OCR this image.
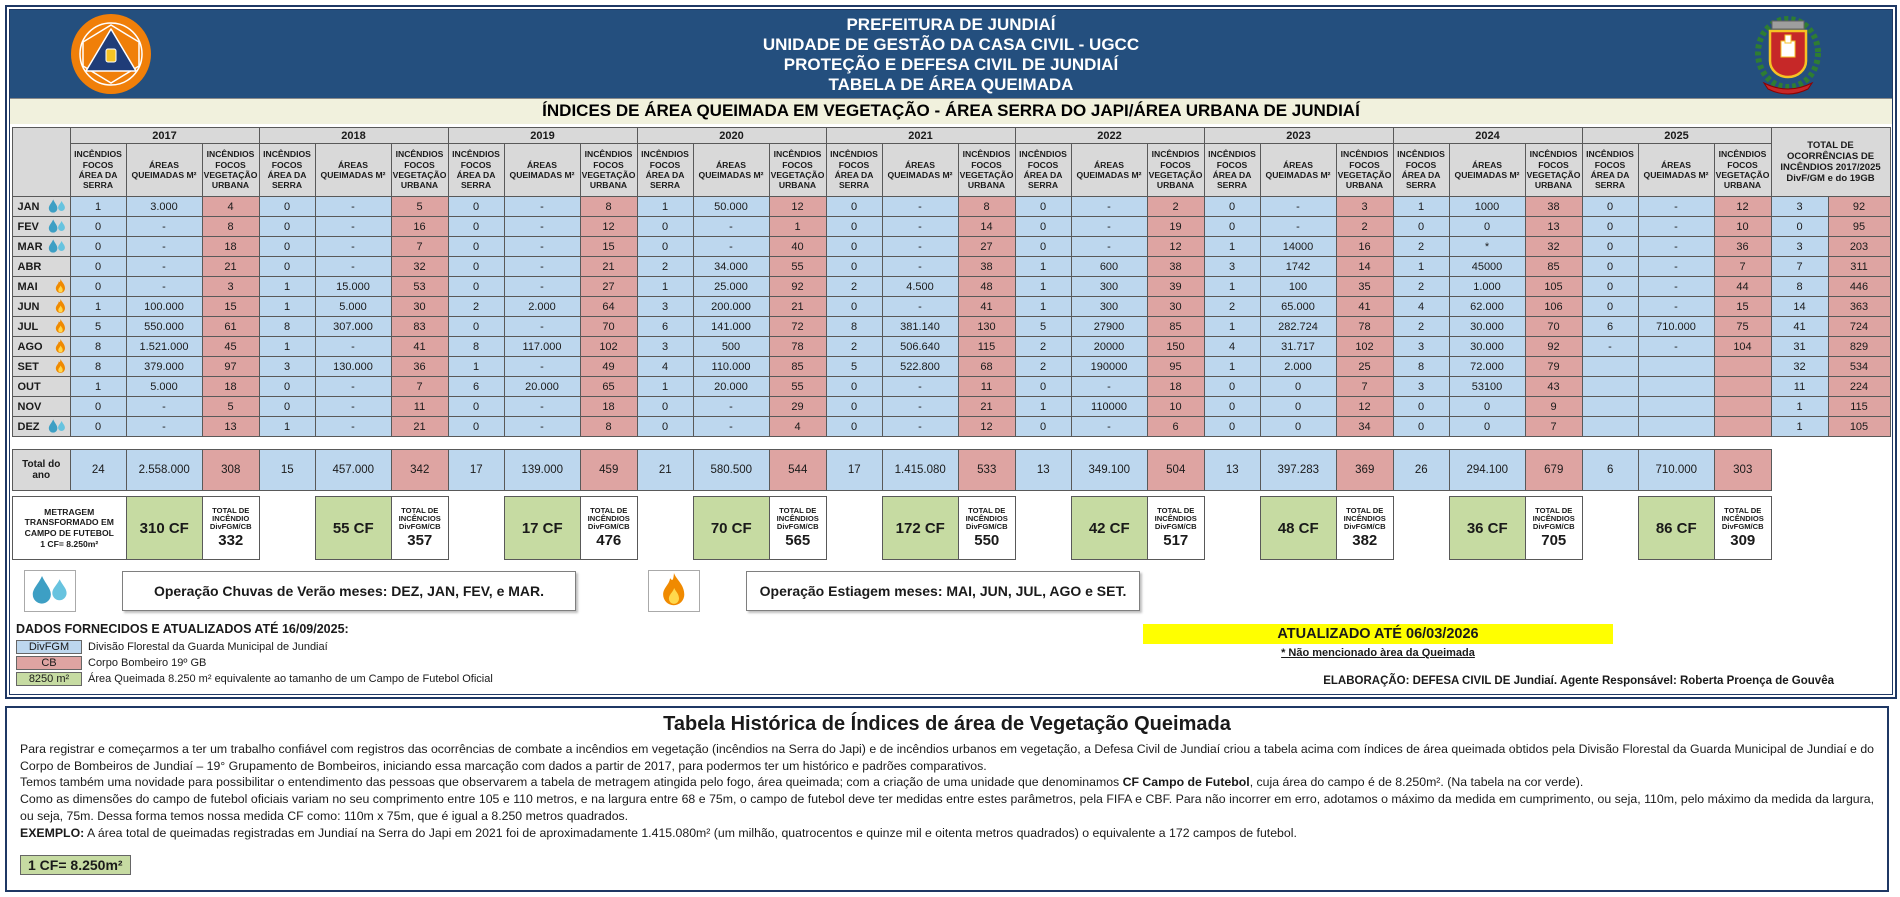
PREFEITURA DE JUNDIAÍ
UNIDADE DE GESTÃO DA CASA CIVIL - UGCC
PROTEÇÃO E DEFESA CIVIL DE JUNDIAÍ
TABELA DE ÁREA QUEIMADA
ÍNDICES DE ÁREA QUEIMADA EM VEGETAÇÃO - ÁREA SERRA DO JAPI/ÁREA URBANA DE JUNDIAÍ
	2017			2018			2019			2020			2021			2022			2023			2024			2025			TOTAL DE OCORRÊNCIAS DE INCÊNDIOS 2017/2025 DivF/GM e do 19GB	
	INCÊNDIOS FOCOS ÁREA DA SERRA	ÁREAS QUEIMADAS M²	INCÊNDIOS FOCOS VEGETAÇÃO URBANA	INCÊNDIOS FOCOS ÁREA DA SERRA	ÁREAS QUEIMADAS M²	INCÊNDIOS FOCOS VEGETAÇÃO URBANA	INCÊNDIOS FOCOS ÁREA DA SERRA	ÁREAS QUEIMADAS M²	INCÊNDIOS FOCOS VEGETAÇÃO URBANA	INCÊNDIOS FOCOS ÁREA DA SERRA	ÁREAS QUEIMADAS M²	INCÊNDIOS FOCOS VEGETAÇÃO URBANA	INCÊNDIOS FOCOS ÁREA DA SERRA	ÁREAS QUEIMADAS M²	INCÊNDIOS FOCOS VEGETAÇÃO URBANA	INCÊNDIOS FOCOS ÁREA DA SERRA	ÁREAS QUEIMADAS M²	INCÊNDIOS FOCOS VEGETAÇÃO URBANA	INCÊNDIOS FOCOS ÁREA DA SERRA	ÁREAS QUEIMADAS M²	INCÊNDIOS FOCOS VEGETAÇÃO URBANA	INCÊNDIOS FOCOS ÁREA DA SERRA	ÁREAS QUEIMADAS M²	INCÊNDIOS FOCOS VEGETAÇÃO URBANA	INCÊNDIOS FOCOS ÁREA DA SERRA	ÁREAS QUEIMADAS M²	INCÊNDIOS FOCOS VEGETAÇÃO URBANA		

JAN	1	3.000	4	0	-	5	0	-	8	1	50.000	12	0	-	8	0	-	2	0	-	3	1	1000	38	0	-	12	3	92

FEV	0	-	8	0	-	16	0	-	12	0	-	1	0	-	14	0	-	19	0	-	2	0	0	13	0	-	10	0	95

MAR	0	-	18	0	-	7	0	-	15	0	-	40	0	-	27	0	-	12	1	14000	16	2	*	32	0	-	36	3	203

ABR	0	-	21	0	-	32	0	-	21	2	34.000	55	0	-	38	1	600	38	3	1742	14	1	45000	85	0	-	7	7	311

MAI	0	-	3	1	15.000	53	0	-	27	1	25.000	92	2	4.500	48	1	300	39	1	100	35	2	1.000	105	0	-	44	8	446

JUN	1	100.000	15	1	5.000	30	2	2.000	64	3	200.000	21	0	-	41	1	300	30	2	65.000	41	4	62.000	106	0	-	15	14	363

JUL	5	550.000	61	8	307.000	83	0	-	70	6	141.000	72	8	381.140	130	5	27900	85	1	282.724	78	2	30.000	70	6	710.000	75	41	724

AGO	8	1.521.000	45	1	-	41	8	117.000	102	3	500	78	2	506.640	115	2	20000	150	4	31.717	102	3	30.000	92	-	-	104	31	829

SET	8	379.000	97	3	130.000	36	1	-	49	4	110.000	85	5	522.800	68	2	190000	95	1	2.000	25	8	72.000	79				32	534

OUT	1	5.000	18	0	-	7	6	20.000	65	1	20.000	55	0	-	11	0	-	18	0	0	7	3	53100	43				11	224

NOV	0	-	5	0	-	11	0	-	18	0	-	29	0	-	21	1	110000	10	0	0	12	0	0	9				1	115

DEZ	0	-	13	1	-	21	0	-	8	0	-	4	0	-	12	0	-	6	0	0	34	0	0	7				1	105
Total do ano	24	2.558.000	308	15	457.000	342	17	139.000	459	21	580.500	544	17	1.415.080	533	13	349.100	504	13	397.283	369	26	294.100	679	6	710.000	303		
METRAGEM
TRANSFORMADO EM
CAMPO DE FUTEBOL
1 CF= 8.250m²	310 CF	
TOTAL DE INCÊNDIO
DivFGM/CB
332
		55 CF	
TOTAL DE INCÊNCIOS
DivFGM/CB
357
		17 CF	
TOTAL DE INCÊNDIOS
DivFGM/CB
476
		70 CF	
TOTAL DE INCÊNDIOS
DivFGM/CB
565
		172 CF	
TOTAL DE INCÊNDIOS
DivFGM/CB
550
		42 CF	
TOTAL DE INCÊNDIOS
DivFGM/CB
517
		48 CF	
TOTAL DE INCÊNDIOS
DivFGM/CB
382
		36 CF	
TOTAL DE INCÊNDIOS
DivFGM/CB
705
		86 CF	
TOTAL DE INCÊNDIOS
DivFGM/CB
309

Operação Chuvas de Verão meses: DEZ, JAN, FEV, e MAR.	Operação Estiagem meses: MAI, JUN, JUL, AGO e SET.
DADOS FORNECIDOS E ATUALIZADOS ATÉ 16/09/2025:
DivFGM	Divisão Florestal da Guarda Municipal de Jundiaí
CB	Corpo Bombeiro 19º GB
8250 m²	Área Queimada 8.250 m² equivalente ao tamanho de um Campo de Futebol Oficial
ATUALIZADO ATÉ 06/03/2026
* Não mencionado àrea da Queimada
ELABORAÇÃO: DEFESA CIVIL DE Jundiaí. Agente Responsável: Roberta Proença de Gouvêa
Tabela Histórica de Índices de área de Vegetação Queimada

Para registrar e começarmos a ter um trabalho confiável com registros das ocorrências de combate a incêndios em vegetação (incêndios na Serra do Japi) e de incêndios urbanos em vegetação, a Defesa Civil de Jundiaí criou a tabela acima com índices de área queimada obtidos pela Divisão Florestal da Guarda Municipal de Jundiaí e do Corpo de Bombeiros de Jundiaí – 19° Grupamento de Bombeiros, iniciando essa marcação com dados a partir de 2017, para podermos ter um histórico e padrões comparativos.

Temos também uma novidade para possibilitar o entendimento das pessoas que observarem a tabela de metragem atingida pelo fogo, área queimada; com a criação de uma unidade que denominamos CF Campo de Futebol, cuja área do campo é de 8.250m². (Na tabela na cor verde).

Como as dimensões do campo de futebol oficiais variam no seu comprimento entre 105 e 110 metros, e na largura entre 68 e 75m, o campo de futebol deve ter medidas entre estes parâmetros, pela FIFA e CBF. Para não incorrer em erro, adotamos o máximo da medida em cumprimento, ou seja, 110m, pelo máximo da medida da largura, ou seja, 75m. Dessa forma temos nossa medida CF como: 110m x 75m, que é igual a 8.250 metros quadrados.

EXEMPLO: A área total de queimadas registradas em Jundiaí na Serra do Japi em 2021 foi de aproximadamente 1.415.080m² (um milhão, quatrocentos e quinze mil e oitenta metros quadrados) o equivalente a 172 campos de futebol.

1 CF= 8.250m²
